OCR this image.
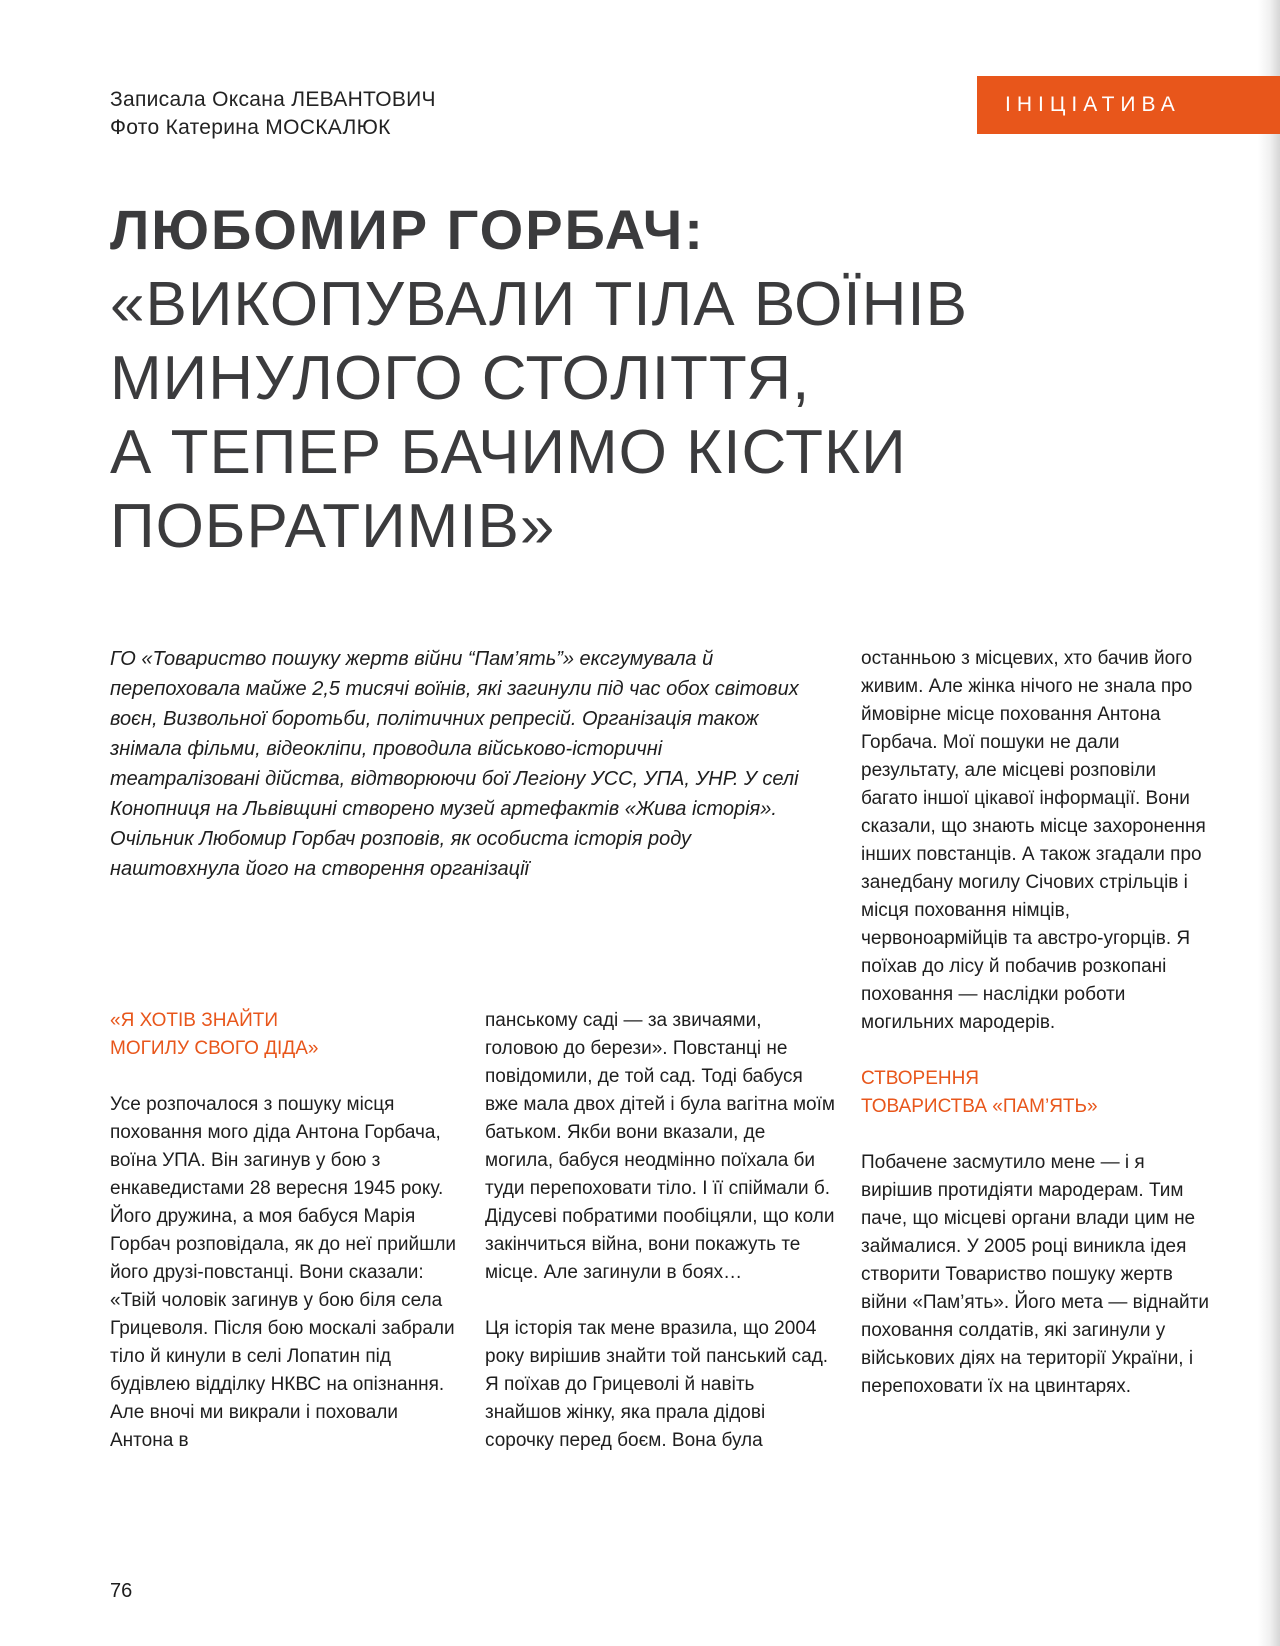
Записала Оксана ЛЕВАНТОВИЧ
Фото Катерина МОСКАЛЮК
ІНІЦІАТИВА
ЛЮБОМИР ГОРБАЧ:
«ВИКОПУВАЛИ ТІЛА ВОЇНІВ
МИНУЛОГО СТОЛІТТЯ,
А ТЕПЕР БАЧИМО КІСТКИ
ПОБРАТИМІВ»

ГО «Товариство пошуку жертв війни “Пам’ять”» ексгумувала й перепоховала майже 2,5 тисячі воїнів, які загинули під час обох світових воєн, Визвольної боротьби, політичних репресій. Організація також знімала фільми, відеокліпи, проводила військово-історичні театралізовані дійства, відтворюючи бої Легіону УСС, УПА, УНР. У селі Конопниця на Львівщині створено музей артефактів «Жива історія».

Очільник Любомир Горбач розповів, як особиста історія роду наштовхнула його на створення організації

«Я ХОТІВ ЗНАЙТИ
МОГИЛУ СВОГО ДІДА»

Усе розпочалося з пошуку місця поховання мого діда Антона Горбача, воїна УПА. Він загинув у бою з енкаведистами 28 вересня 1945 року. Його дружина, а моя бабуся Марія Горбач розповідала, як до неї прийшли його друзі-повстанці. Вони сказали: «Твій чоловік загинув у бою біля села Грицеволя. Після бою москалі забрали тіло й кинули в селі Лопатин під будівлею відділку НКВС на опізнання. Але вночі ми викрали і поховали Антона в

панському саді — за звичаями, головою до берези». Повстанці не повідомили, де той сад. Тоді бабуся вже мала двох дітей і була вагітна моїм батьком. Якби вони вказали, де могила, бабуся неодмінно поїхала би туди перепоховати тіло. І її спіймали б. Дідусеві побратими пообіцяли, що коли закінчиться війна, вони покажуть те місце. Але загинули в боях…

Ця історія так мене вразила, що 2004 року вирішив знайти той панський сад. Я поїхав до Грицеволі й навіть знайшов жінку, яка прала дідові сорочку перед боєм. Вона була

останньою з місцевих, хто бачив його живим. Але жінка нічого не знала про ймовірне місце поховання Антона Горбача. Мої пошуки не дали результату, але місцеві розповіли багато іншої цікавої інформації. Вони сказали, що знають місце захоронення інших повстанців. А також згадали про занедбану могилу Січових стрільців і місця поховання німців, червоноармійців та австро-угорців. Я поїхав до лісу й побачив розкопані поховання — наслідки роботи могильних мародерів.

СТВОРЕННЯ
ТОВАРИСТВА «ПАМ’ЯТЬ»

Побачене засмутило мене — і я вирішив протидіяти мародерам. Тим паче, що місцеві органи влади цим не займалися. У 2005 році виникла ідея створити Товариство пошуку жертв війни «Пам’ять». Його мета — віднайти поховання солдатів, які загинули у військових діях на території України, і перепоховати їх на цвинтарях.

76
